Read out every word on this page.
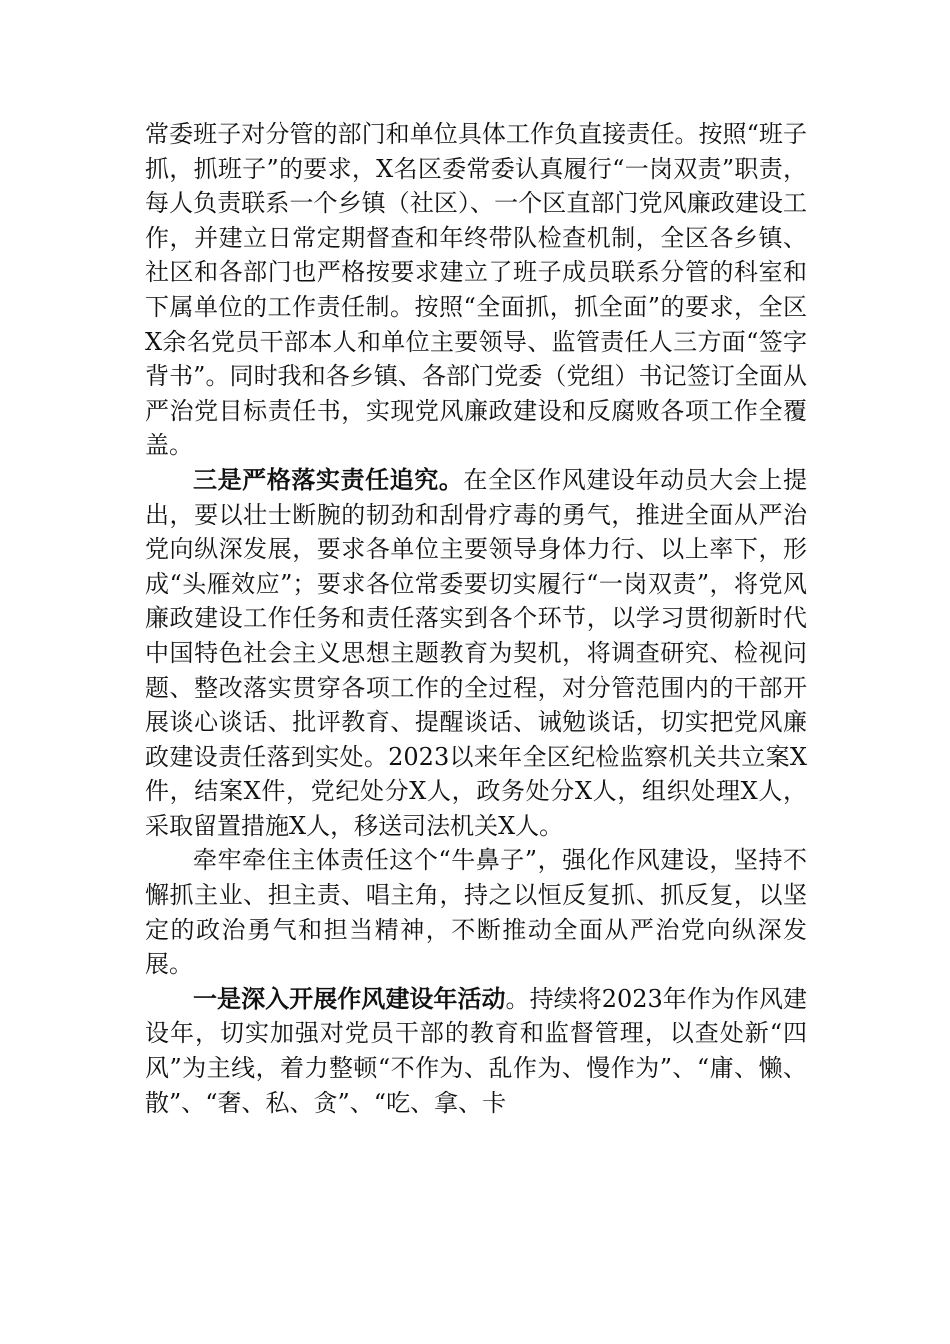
常委班子对分管的部门和单位具体工作负直接责任。按照“班子抓，抓班子”的要求，X名区委常委认真履行“一岗双责”职责，每人负责联系一个乡镇（社区）、一个区直部门党风廉政建设工作，并建立日常定期督查和年终带队检查机制，全区各乡镇、社区和各部门也严格按要求建立了班子成员联系分管的科室和下属单位的工作责任制。按照“全面抓，抓全面”的要求，全区X余名党员干部本人和单位主要领导、监管责任人三方面“签字背书”。同时我和各乡镇、各部门党委（党组）书记签订全面从严治党目标责任书，实现党风廉政建设和反腐败各项工作全覆盖。

三是严格落实责任追究。在全区作风建设年动员大会上提出，要以壮士断腕的韧劲和刮骨疗毒的勇气，推进全面从严治党向纵深发展，要求各单位主要领导身体力行、以上率下，形成“头雁效应”；要求各位常委要切实履行“一岗双责”，将党风廉政建设工作任务和责任落实到各个环节，以学习贯彻新时代中国特色社会主义思想主题教育为契机，将调查研究、检视问题、整改落实贯穿各项工作的全过程，对分管范围内的干部开展谈心谈话、批评教育、提醒谈话、诫勉谈话，切实把党风廉政建设责任落到实处。2023以来年全区纪检监察机关共立案X件，结案X件，党纪处分X人，政务处分X人，组织处理X人，采取留置措施X人，移送司法机关X人。

牵牢牵住主体责任这个“牛鼻子”，强化作风建设，坚持不懈抓主业、担主责、唱主角，持之以恒反复抓、抓反复，以坚定的政治勇气和担当精神，不断推动全面从严治党向纵深发展。

一是深入开展作风建设年活动。持续将2023年作为作风建设年，切实加强对党员干部的教育和监督管理，以查处新“四风”为主线，着力整顿“不作为、乱作为、慢作为”、“庸、懒、散”、“奢、私、贪”、“吃、拿、卡
